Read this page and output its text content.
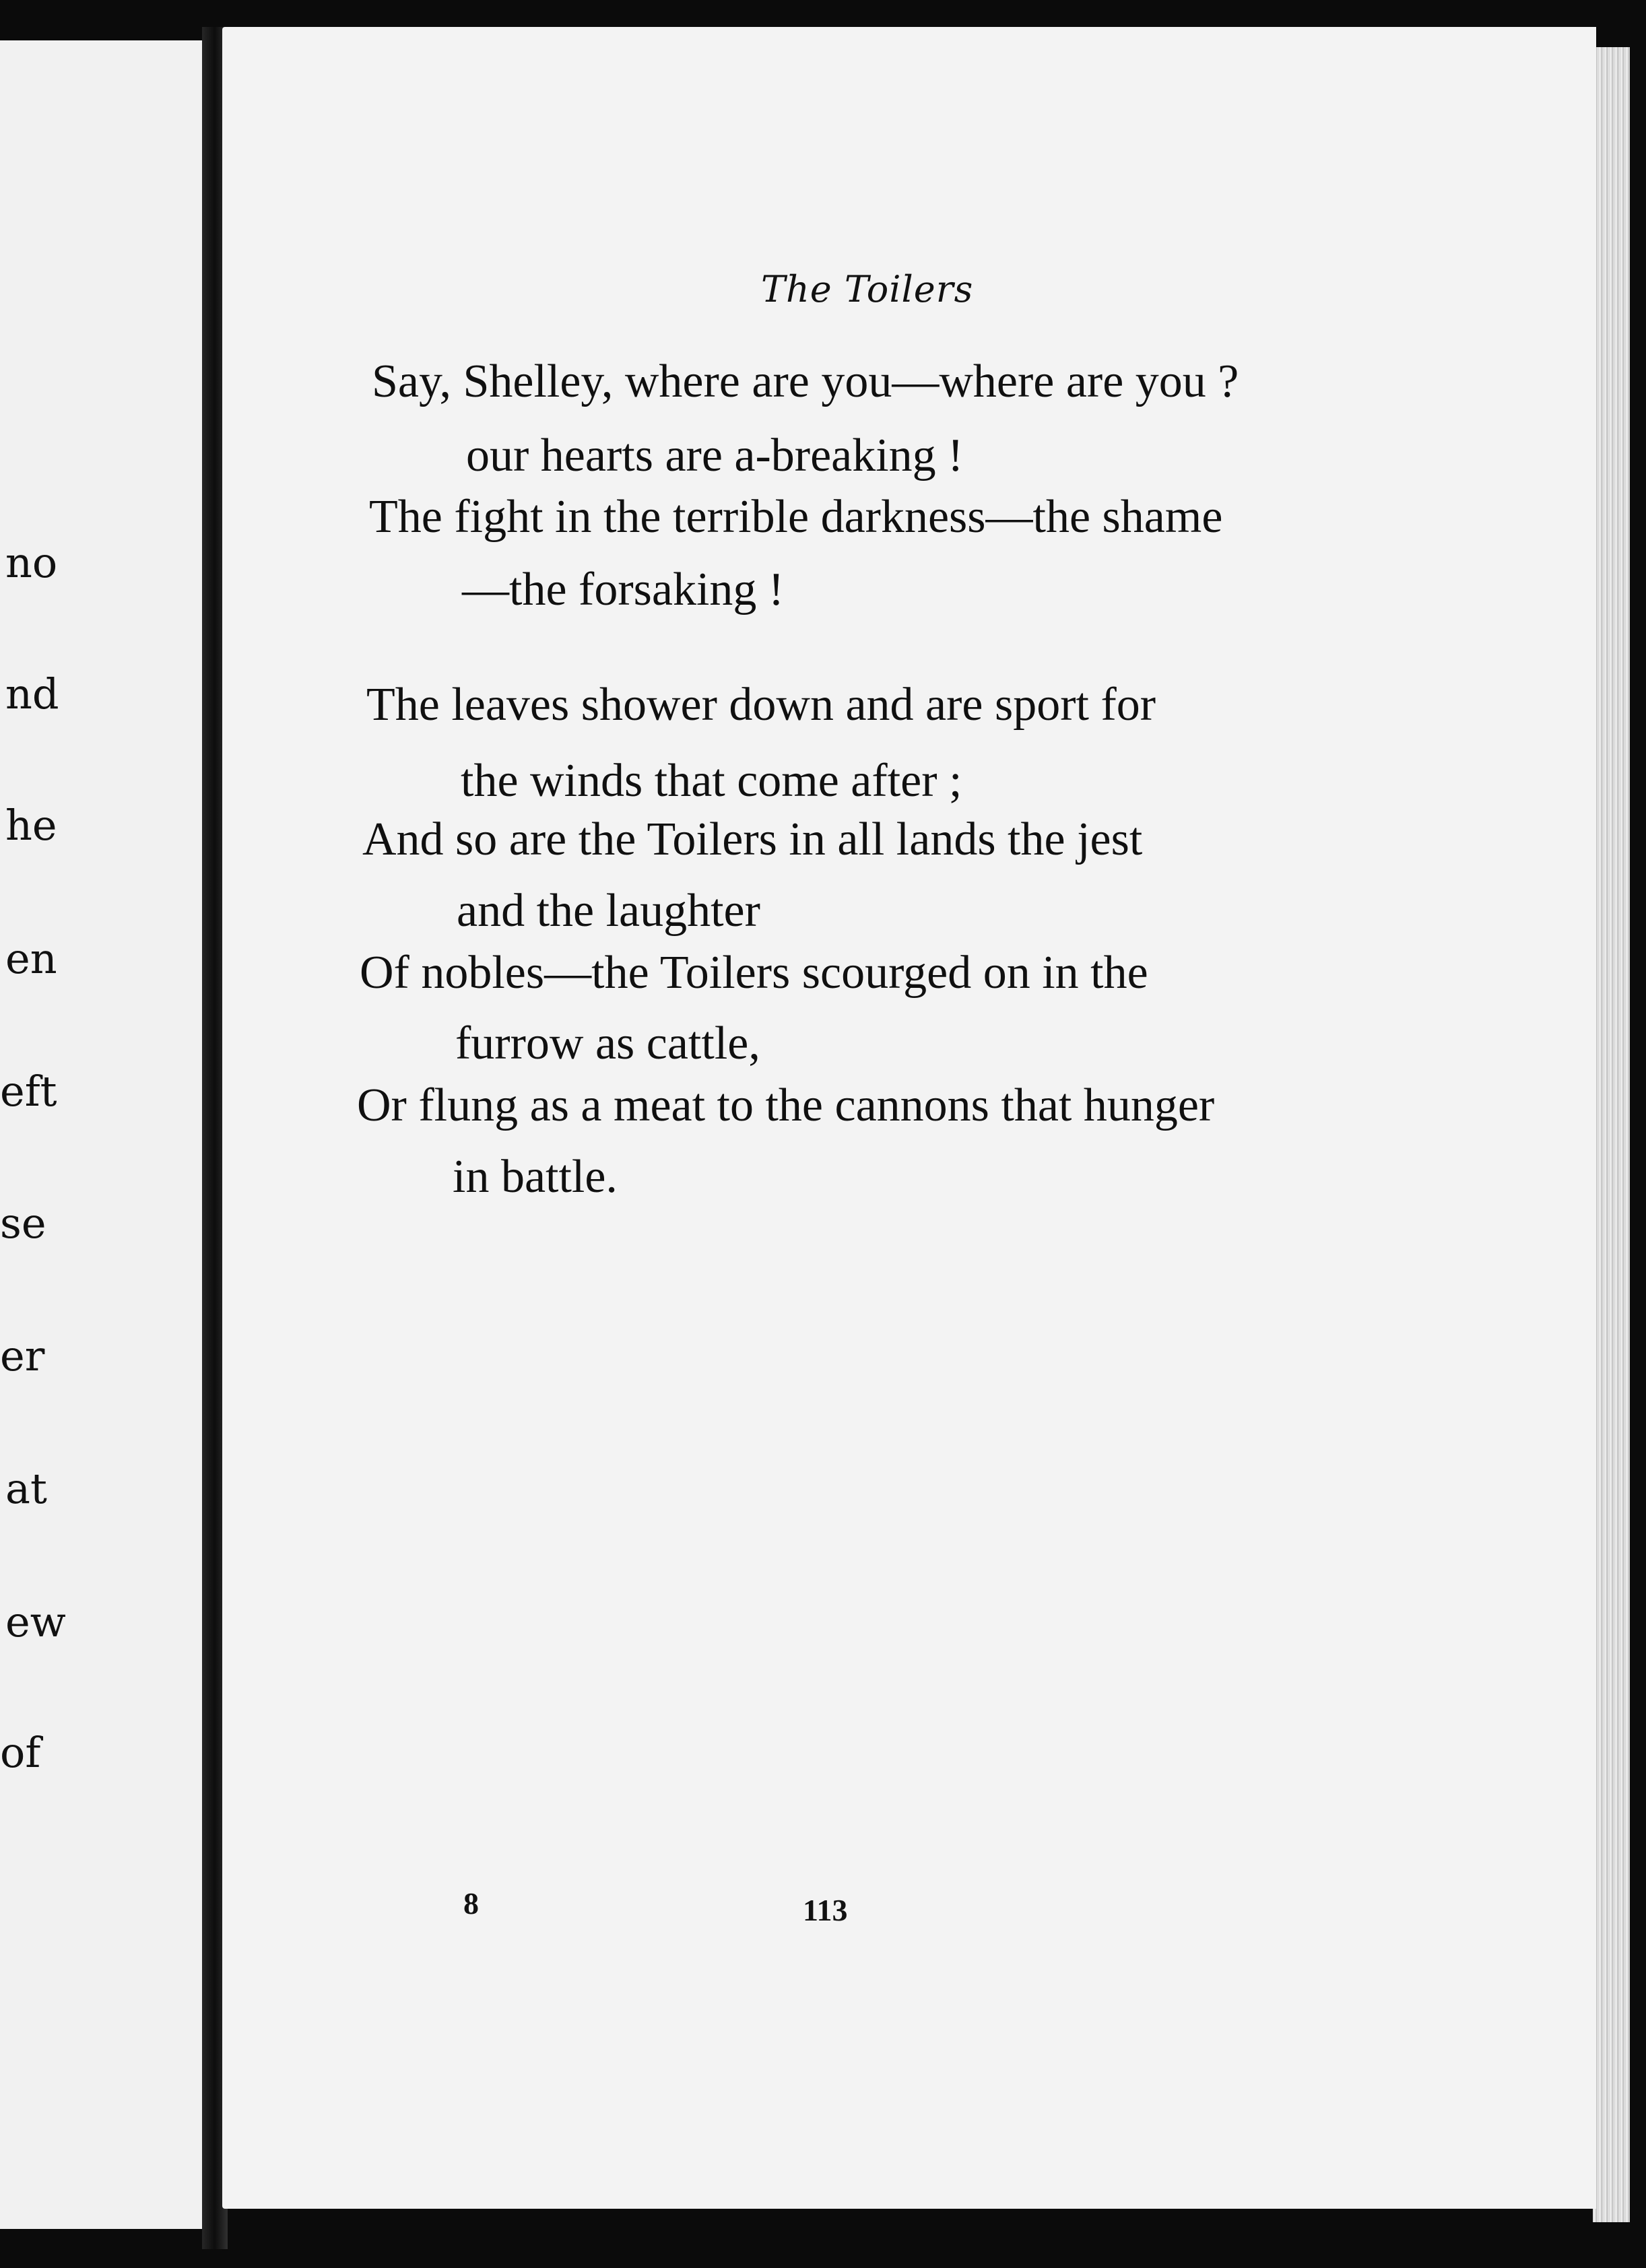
no
nd
he
en
eft
se
er
at
ew
of
The Toilers
Say, Shelley, where are you—where are you ?
our hearts are a-breaking !
The fight in the terrible darkness—the shame
—the forsaking !
The leaves shower down and are sport for
the winds that come after ;
And so are the Toilers in all lands the jest
and the laughter
Of nobles—the Toilers scourged on in the
furrow as cattle,
Or flung as a meat to the cannons that hunger
in battle.
8	113
